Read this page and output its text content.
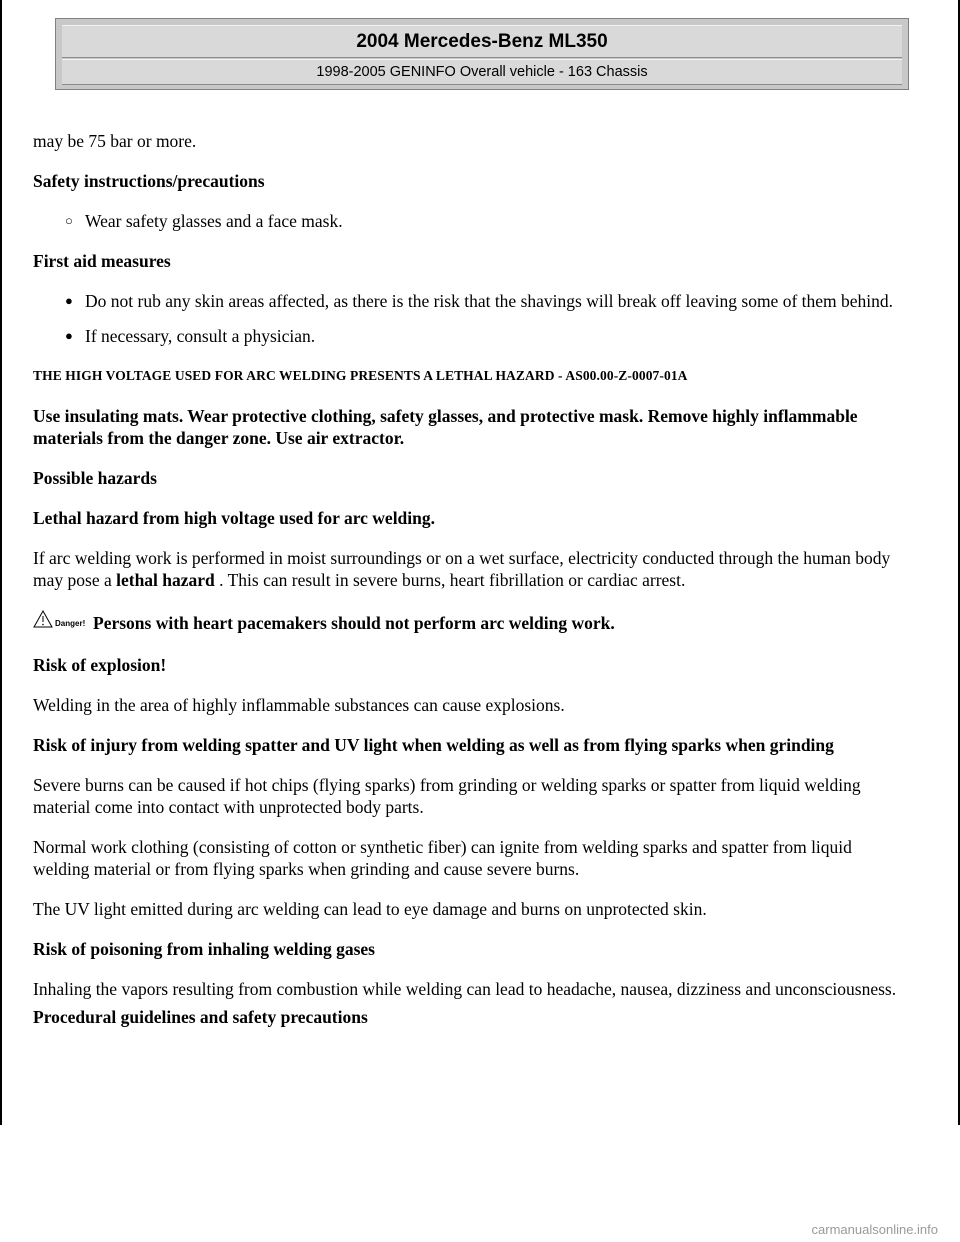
2004 Mercedes-Benz ML350
1998-2005 GENINFO Overall vehicle - 163 Chassis

may be 75 bar or more.

Safety instructions/precautions

○ Wear safety glasses and a face mask.

First aid measures

● Do not rub any skin areas affected, as there is the risk that the shavings will break off leaving some of them behind.
● If necessary, consult a physician.

THE HIGH VOLTAGE USED FOR ARC WELDING PRESENTS A LETHAL HAZARD - AS00.00-Z-0007-01A

Use insulating mats. Wear protective clothing, safety glasses, and protective mask. Remove highly inflammable materials from the danger zone. Use air extractor.

Possible hazards

Lethal hazard from high voltage used for arc welding.

If arc welding work is performed in moist surroundings or on a wet surface, electricity conducted through the human body may pose a lethal hazard . This can result in severe burns, heart fibrillation or cardiac arrest.

Danger! Persons with heart pacemakers should not perform arc welding work.

Risk of explosion!

Welding in the area of highly inflammable substances can cause explosions.

Risk of injury from welding spatter and UV light when welding as well as from flying sparks when grinding

Severe burns can be caused if hot chips (flying sparks) from grinding or welding sparks or spatter from liquid welding material come into contact with unprotected body parts.

Normal work clothing (consisting of cotton or synthetic fiber) can ignite from welding sparks and spatter from liquid welding material or from flying sparks when grinding and cause severe burns.

The UV light emitted during arc welding can lead to eye damage and burns on unprotected skin.

Risk of poisoning from inhaling welding gases

Inhaling the vapors resulting from combustion while welding can lead to headache, nausea, dizziness and unconsciousness.

Procedural guidelines and safety precautions

carmanualsonline.info
